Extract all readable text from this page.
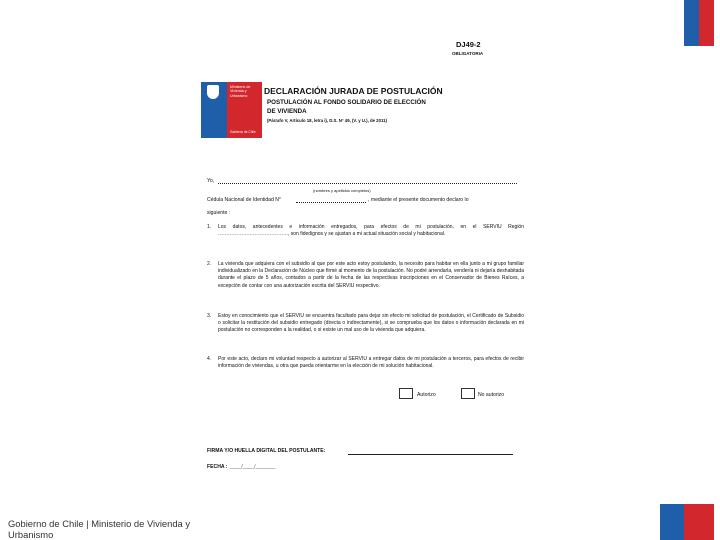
DJ49-2
OBLIGATORIA
Ministerio de Vivienda y Urbanismo
Gobierno de Chile
DECLARACIÓN JURADA DE POSTULACIÓN
POSTULACIÓN AL FONDO SOLIDARIO DE ELECCIÓN DE VIVIENDA
(Párrafo V, Artículo 18, letra i), D.S. N° 49, (V. y U.), de 2011)
Yo,
(nombres y apellidos completos)
Cédula Nacional de Identidad N°	, mediante el presente documento declaro lo
siguiente :
1. Los datos, antecedentes e información entregados, para efectos de mi postulación, en el SERVIU Región ……………………………………, son fidedignos y se ajustan a mi actual situación social y habitacional.
2. La vivienda que adquiera con el subsidio al que por este acto estoy postulando, la necesito para habitar en ella junto a mi grupo familiar individualizado en la Declaración de Núcleo que firmé al momento de la postulación. No podré arrendarla, vendería ni dejaría deshabitada durante el plazo de 5 años, contados a partir de la fecha de las respectivas inscripciones en el Conservador de Bienes Raíces, a excepción de contar con una autorización escrita del SERVIU respectivo.
3. Estoy en conocimiento que el SERVIU se encuentra facultado para dejar sin efecto mi solicitud de postulación, el Certificado de Subsidio o solicitar la restitución del subsidio entregado (directa o indirectamente), si se comprueba que los datos o información declarada en mi postulación no corresponden a la realidad, o si existe un mal uso de la vivienda que adquiera.
4. Por este acto, declaro mi voluntad respecto a autorizar al SERVIU a entregar datos de mi postulación a terceros, para efectos de recibir información de viviendas, u otra que pueda orientarme en la elección de mi solución habitacional.
Autorizo	No autorizo
FIRMA Y/O HUELLA DIGITAL DEL POSTULANTE:
FECHA : ____/____/_______
Gobierno de Chile | Ministerio de Vivienda y Urbanismo
